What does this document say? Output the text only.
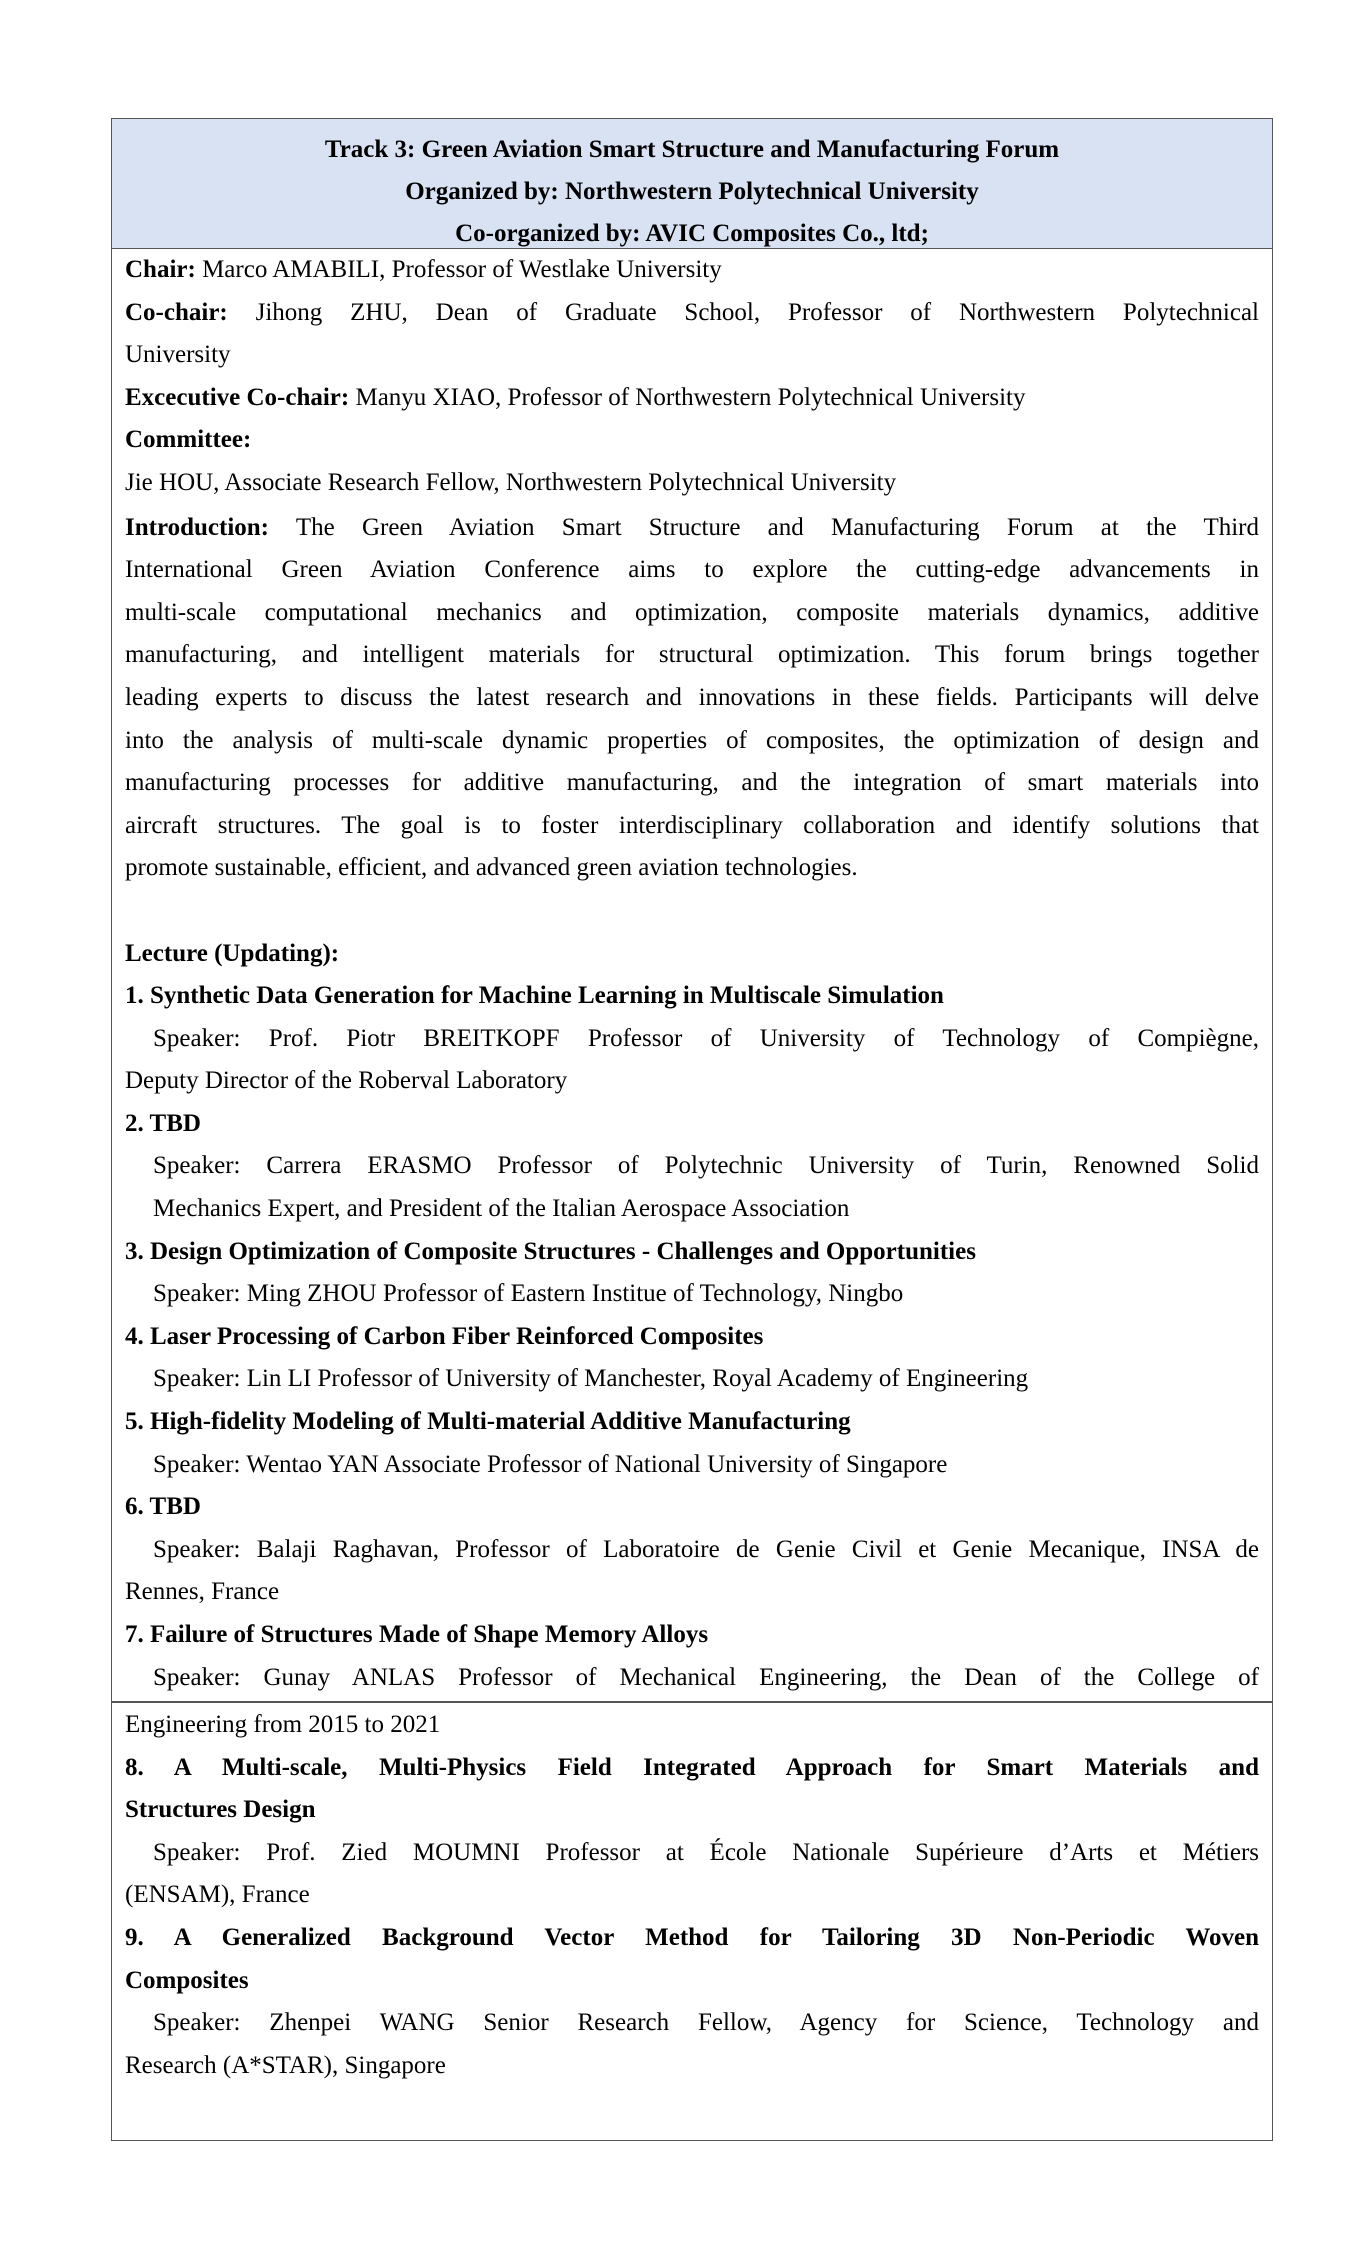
Track 3: Green Aviation Smart Structure and Manufacturing Forum
Organized by: Northwestern Polytechnical University
Co-organized by: AVIC Composites Co., ltd;
Chair: Marco AMABILI, Professor of Westlake University
Co-chair: Jihong ZHU, Dean of Graduate School, Professor of Northwestern Polytechnical
University
Excecutive Co-chair: Manyu XIAO, Professor of Northwestern Polytechnical University
Committee:
Jie HOU, Associate Research Fellow, Northwestern Polytechnical University
Introduction: The Green Aviation Smart Structure and Manufacturing Forum at the Third
International Green Aviation Conference aims to explore the cutting-edge advancements in
multi-scale computational mechanics and optimization, composite materials dynamics, additive
manufacturing, and intelligent materials for structural optimization. This forum brings together
leading experts to discuss the latest research and innovations in these fields. Participants will delve
into the analysis of multi-scale dynamic properties of composites, the optimization of design and
manufacturing processes for additive manufacturing, and the integration of smart materials into
aircraft structures. The goal is to foster interdisciplinary collaboration and identify solutions that
promote sustainable, efficient, and advanced green aviation technologies.
Lecture (Updating):
1. Synthetic Data Generation for Machine Learning in Multiscale Simulation
Speaker: Prof. Piotr BREITKOPF Professor of University of Technology of Compiègne,
Deputy Director of the Roberval Laboratory
2. TBD
Speaker: Carrera ERASMO Professor of Polytechnic University of Turin, Renowned Solid
Mechanics Expert, and President of the Italian Aerospace Association
3. Design Optimization of Composite Structures - Challenges and Opportunities
Speaker: Ming ZHOU Professor of Eastern Institue of Technology, Ningbo
4. Laser Processing of Carbon Fiber Reinforced Composites
Speaker: Lin LI Professor of University of Manchester, Royal Academy of Engineering
5. High-fidelity Modeling of Multi-material Additive Manufacturing
Speaker: Wentao YAN Associate Professor of National University of Singapore
6. TBD
Speaker: Balaji Raghavan, Professor of Laboratoire de Genie Civil et Genie Mecanique, INSA de
Rennes, France
7. Failure of Structures Made of Shape Memory Alloys
Speaker: Gunay ANLAS Professor of Mechanical Engineering, the Dean of the College of
Engineering from 2015 to 2021
8. A Multi-scale, Multi-Physics Field Integrated Approach for Smart Materials and
Structures Design
Speaker: Prof. Zied MOUMNI Professor at École Nationale Supérieure d’Arts et Métiers
(ENSAM), France
9. A Generalized Background Vector Method for Tailoring 3D Non-Periodic Woven
Composites
Speaker: Zhenpei WANG Senior Research Fellow, Agency for Science, Technology and
Research (A*STAR), Singapore
